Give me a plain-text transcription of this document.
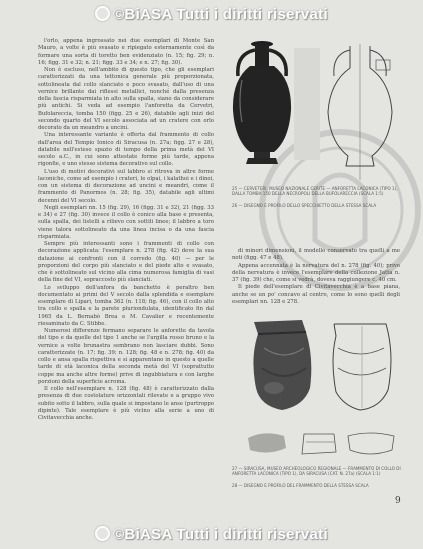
©BiASA Tutti i diritti riservati

l'orlo, appena ingrossato nei due esemplari di Monte San Mauro, a volte è più svasato e ripiegato esternamente così da formare una sorta di toretto ben evidenziato (n. 15; fig. 29; n. 16; figg. 31 e 32; n. 21; figg. 33 e 34; e n. 27; fig. 30).

Non è escluso, nell'ambito di questo tipo, che gli esemplari caratterizzati da una tettonica generale più proporzionata, sottolineata dal collo slanciato e poco svasato, dall'uso di una vernice brillante dai riflessi metallici, nonché dalla presenza della fascia risparmiata in alto sulla spalla, siano da considerare più antichi. Si veda ad esempio l'anforetta da Cervetri, Bufolareccia, tomba 150 (figg. 25 e 26), databile agli inizi del secondo quarto del VI secolo associata ad un cratere con orlo decorato da un meandro a uncini.

Una interessante variante è offerta dal frammento di collo dall'area del Tempio Ionico di Siracusa (n. 27a; figg. 27 e 28), databile nell'esteso spazio di tempo della prima metà del VI secolo a.C., in cui sono attestate forme più tarde, appena rigonfie, e uno stesso sistema decorativo sul collo.

L'uso di motivi decorativi sul labbro si ritrova in altre forme laconiche, come ad esempio i crateri, le olpai, i kalathoi e i dinoi, con un sistema di decorazione ad uncini e meandri, come il frammento di Panormos (n. 28; fig. 35), databile agli ultimi decenni del VI secolo.

Negli esemplari nn. 15 (fig. 29), 16 (figg. 31 e 32), 21 (figg. 33 e 34) e 27 (fig. 30) invece il collo è conico alla base e presenta, sulla spalla, dei listelli a rilievo con sottili linee; il labbro a toro viene talora sottolineato da una linea incisa o da una fascia risparmiata.

Sempre più interessanti sono i frammenti di collo con decorazione applicata: l'esemplare n. 278 (fig. 42) deve la sua datazione ai confronti con il corredo (fig. 40) — per le proporzioni del corpo più slanciato e del piede alto e svasato, che è sottolineato sul vicino alla cima numerosa famiglia di vasi della fine del VI, sopraccosto più slanciati.

Lo sviluppo dell'anfora da banchetto è peraltro ben documentato ai primi del V secolo dalla splendida e esemplare esemplare di Lipari, tomba 362 (n. 118; fig. 46), con il collo alto tra collo e spalla e la parete pluriondulata, identificato fin dal 1965 da L. Bernabò Brea e M. Cavalier e recentemente riesaminato da C. Stibbe.

Numerosi differenze fermano separare le anforette da tavola del tipo e da quelle del tipo 1 anche se l'argilla rosso bruno e la vernice a volte brunastra sembrano non lasciare dubbi. Sono caratterizzate (n. 17; fig. 39; n. 128; fig. 48 e n. 278; fig. 40) da collo e ansa spalla rispettiva e si apparentano in questo a quelle tarde di età laconica della seconda metà del VI (soprattutto coppe ma anche altre forme) prive di ingubbiatura e con larghe porzioni della superficie acroma.

Il collo nell'esemplare n. 128 (fig. 48) è caratterizzato dalla presenza di due costolature orizzontali rilevate e a gruppo vivo subito sotto il labbro, sulla quale si impostano le anse (purtroppo dipinte). Tale esemplare è più vicino alla serie a uno di Civitavecchia anche.

25 — CERVETERI, MUSEO NAZIONALE CERITE — ANFORETTA LACONICA (TIPO 1), DALLA TOMBA 150 DELLA NECROPOLI DELLA BUFOLARECCIA (SCALA 1:5)
26 — DISEGNO E PROFILO DELLO SPECCHIETTO DELLA STESSA SCALA

di minori dimensioni, il modello conservato tra quelli a me noti (figg. 47 e 48).

Appena accennata è la nervatura del n. 278 (fig. 40); privo della nervatura è invece l'esemplare della collezione Jatta n. 37 (fig. 39) che, come si vedrà, doveva raggiungere c. 40 cm.

Il piede dell'esemplare di Civitavecchia è a base piana, anche se un po' concavo al centro, come lo sono quelli degli esemplari nn. 128 e 278.

27 — SIRACUSA, MUSEO ARCHEOLOGICO REGIONALE — FRAMMENTO DI COLLO DI ANFORETTA LACONICA (TIPO 1), DA SIRACUSA (CAT. N. 27a) (SCALA 1:1)
28 — DISEGNO E PROFILO DEL FRAMMENTO DELLA STESSA SCALA
9
©BiASA Tutti i diritti riservati
